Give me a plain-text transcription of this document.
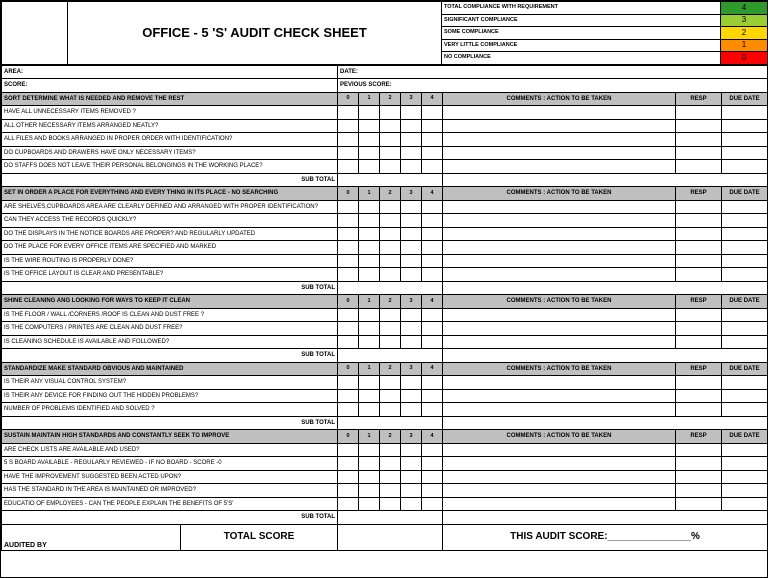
	OFFICE - 5 'S' AUDIT CHECK SHEET	TOTAL COMPLIANCE WITH REQUIREMENT	4
		SIGNIFICANT COMPLIANCE	3
		SOME COMPLIANCE	2
		VERY LITTLE COMPLIANCE	1
		NO COMPLIANCE	0
AREA:	DATE:							
SCORE:	PEVIOUS SCORE:							
SORT DETERMINE WHAT IS NEEDED AND REMOVE THE REST	0	1	2	3	4	COMMENTS : ACTION TO BE TAKEN	RESP	DUE DATE
HAVE ALL UNNECESSARY ITEMS REMOVED ?								
ALL OTHER NECESSARY ITEMS ARRANGED NEATLY?								
ALL FILES AND BOOKS ARRANGED IN PROPER ORDER WITH IDENTIFICATION?								
DO CUPBOARDS AND DRAWERS HAVE ONLY NECESSARY ITEMS?								
DO STAFFS DOES NOT LEAVE THEIR PERSONAL BELONGINGS IN THE WORKING PLACE?								
SUB TOTAL								
SET IN ORDER A PLACE FOR EVERYTHING AND EVERY THING IN ITS PLACE - NO SEARCHING	0	1	2	3	4	COMMENTS : ACTION TO BE TAKEN	RESP	DUE DATE
ARE SHELVES,CUPBOARDS AREA ARE CLEARLY DEFINED AND ARRANGED WITH PROPER IDENTIFICATION?								
CAN THEY ACCESS THE RECORDS QUICKLY?								
DO THE DISPLAYS IN THE NOTICE BOARDS ARE PROPER? AND REGULARLY UPDATED								
DO THE PLACE FOR EVERY OFFICE ITEMS ARE SPECIFIED AND MARKED								
IS THE WIRE ROUTING IS PROPERLY DONE?								
IS THE OFFICE LAYOUT IS CLEAR AND PRESENTABLE?								
SUB TOTAL								
SHINE CLEANING ANG LOOKING FOR WAYS TO KEEP IT CLEAN	0	1	2	3	4	COMMENTS : ACTION TO BE TAKEN	RESP	DUE DATE
IS THE FLOOR / WALL /CORNERS /ROOF IS CLEAN AND DUST FREE ?								
IS THE COMPUTERS / PRINTES ARE CLEAN AND DUST FREE?								
IS CLEANING SCHEDULE IS AVAILABLE AND FOLLOWED?								
SUB TOTAL								
STANDARDIZE MAKE STANDARD OBVIOUS AND MAINTAINED	0	1	2	3	4	COMMENTS : ACTION TO BE TAKEN	RESP	DUE DATE
IS THEIR ANY VISUAL CONTROL SYSTEM?								
IS THEIR ANY DEVICE FOR FINDING OUT THE HIDDEN PROBLEMS?								
NUMBER OF PROBLEMS IDENTIFIED AND SOLVED ?								
SUB TOTAL								
SUSTAIN MAINTAIN HIGH STANDARDS AND CONSTANTLY SEEK TO IMPROVE	0	1	2	3	4	COMMENTS : ACTION TO BE TAKEN	RESP	DUE DATE
ARE CHECK LISTS ARE AVAILABLE AND USED?								
5 S BOARD AVAILABLE - REGULARLY REVIEWED - IF NO BOARD - SCORE -0								
HAVE THE IMPROVEMENT SUGGESTED BEEN ACTED UPON?								
HAS THE STANDARD IN THE AREA IS MAINTAINED OR IMPROVED?								
EDUCATIO OF EMPLOYEES - CAN THE PEOPLE EXPLAIN THE BENEFITS OF 5'S'								
SUB TOTAL								

AUDITED BY
TOTAL SCORE						THIS AUDIT SCORE:_______________%		
